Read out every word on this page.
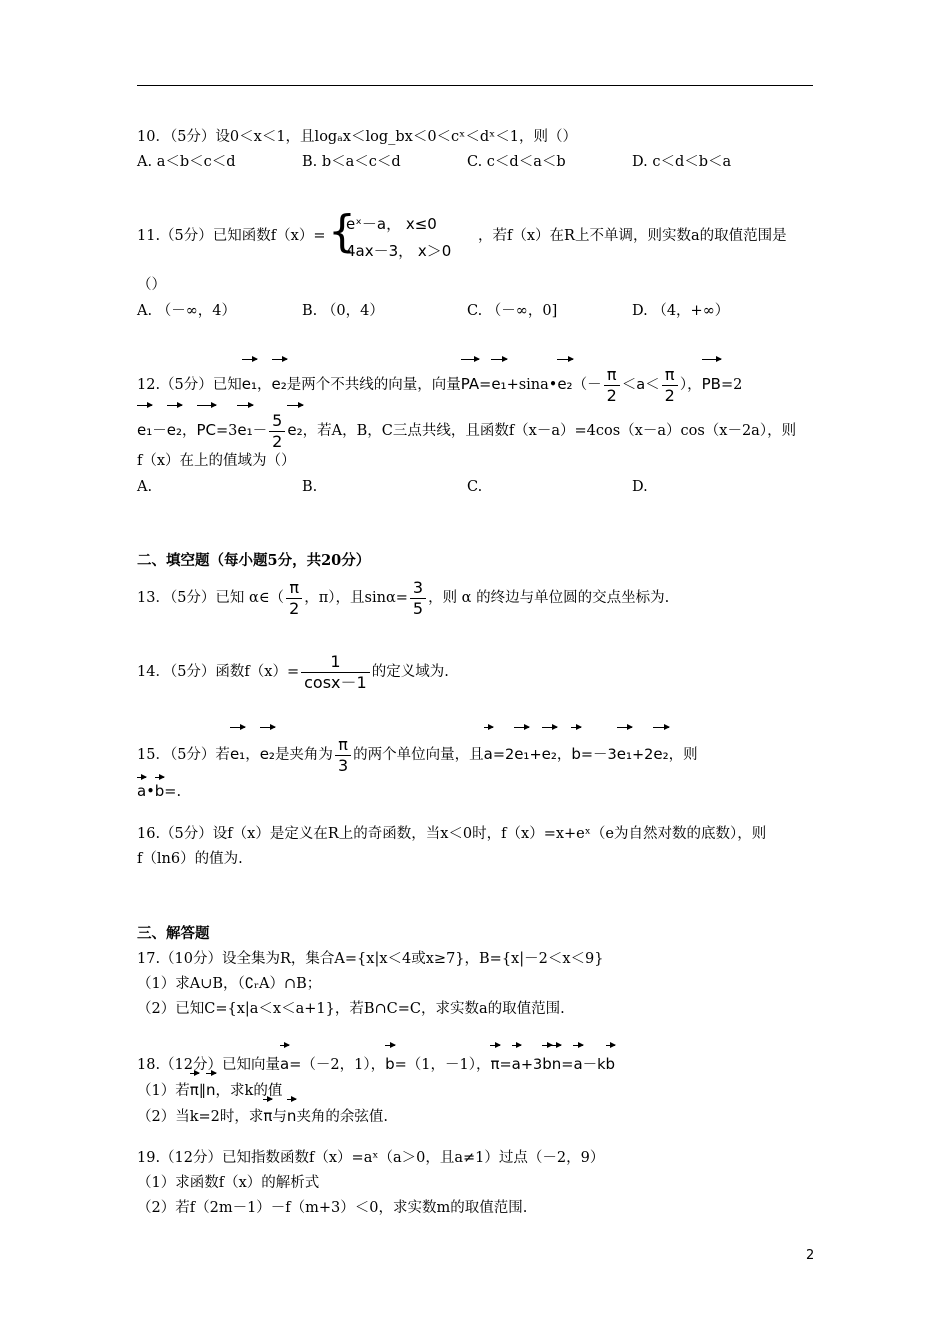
10．（5分）设0＜x＜1，且logₐx＜log_bx＜0＜cˣ＜dˣ＜1，则（）
A. a＜b＜c＜d	B. b＜a＜c＜d	C. c＜d＜a＜b	D. c＜d＜b＜a
11.（5分）已知函数f（x）= {
eˣ－a， x≤0
4ax－3， x＞0
，若f（x）在R上不单调，则实数a的取值范围是
（）
A. （－∞，4）	B. （0，4）	C. （－∞，0]	D. （4，+∞）
12.（5分）已知e₁，e₂是两个不共线的向量，向量PA=e₁+sina•e₂（－ $\frac{\pi}{2} <a< \frac{\pi}{2}$ ），PB=2
e₁－e₂，$PC=3e_1- \frac{5}{2} e_2$，若A，B，C三点共线，且函数f（x－a）=4cos（x－a）cos（x－2a），则
f（x）在上的值域为（）
A.	B.	C.	D.
二、填空题（每小题5分，共20分）
13．（5分）已知 α∈（ $\frac{\pi}{2}$ ，π），且$\sin\alpha= \frac{3}{5}$ ，则 α 的终边与单位圆的交点坐标为.
14．（5分）函数$f(x)= \frac{1}{\cos x-1}$ 的定义域为.
15．（5分）若e₁，e₂是夹角为 $\frac{\pi}{3}$ 的两个单位向量，且a=2e₁+e₂，b=－3e₁+2e₂，则
a•b=.
16.（5分）设f（x）是定义在R上的奇函数，当x＜0时，f（x）=x+eˣ（e为自然对数的底数），则
f（ln6）的值为.
三、解答题
17.（10分）设全集为R，集合A={x|x＜4或x≥7}，B={x|－2＜x＜9}
（1）求A∪B，（∁ᵣA）∩B；
（2）已知C={x|a＜x＜a+1}，若B∩C=C，求实数a的取值范围.
18.（12分）已知向量a=（－2，1），b=（1，－1），π=a+3bn=a－kb
（1）若π∥n，求k的值
（2）当k=2时，求π与n夹角的余弦值.
19.（12分）已知指数函数f（x）=aˣ（a＞0，且a≠1）过点（－2，9）
（1）求函数f（x）的解析式
（2）若f（2m－1）－f（m+3）＜0，求实数m的取值范围.
2
